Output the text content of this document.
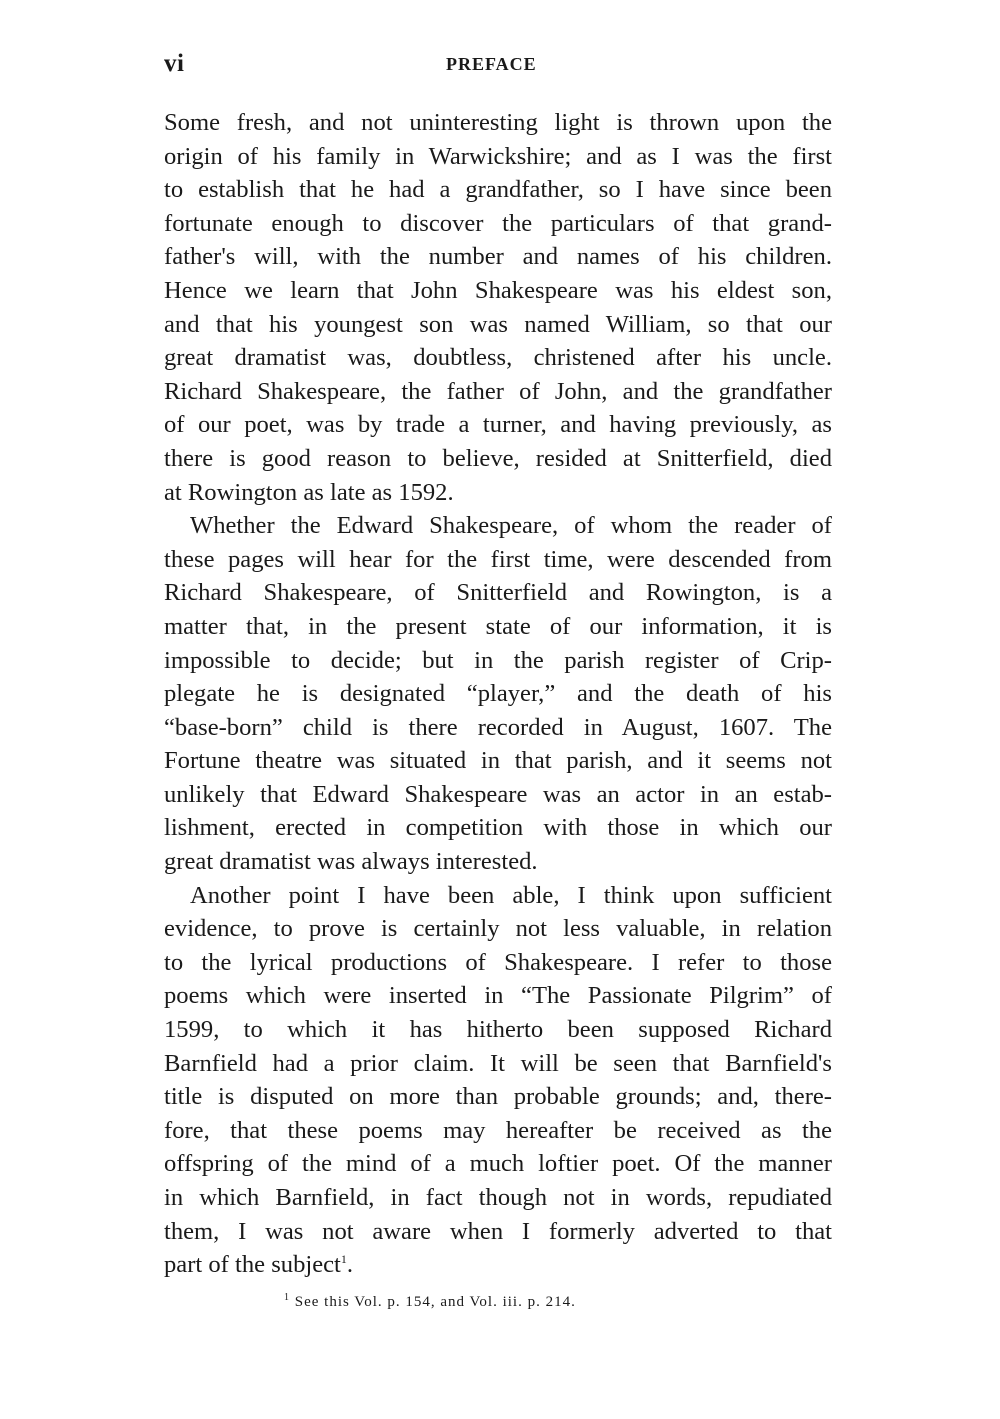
vi	PREFACE
Some fresh, and not uninteresting light is thrown upon the
origin of his family in Warwickshire; and as I was the first
to establish that he had a grandfather, so I have since been
fortunate enough to discover the particulars of that grand-
father's will, with the number and names of his children.
Hence we learn that John Shakespeare was his eldest son,
and that his youngest son was named William, so that our
great dramatist was, doubtless, christened after his uncle.
Richard Shakespeare, the father of John, and the grandfather
of our poet, was by trade a turner, and having previously, as
there is good reason to believe, resided at Snitterfield, died
at Rowington as late as 1592.
Whether the Edward Shakespeare, of whom the reader of
these pages will hear for the first time, were descended from
Richard Shakespeare, of Snitterfield and Rowington, is a
matter that, in the present state of our information, it is
impossible to decide; but in the parish register of Crip-
plegate he is designated “player,” and the death of his
“base-born” child is there recorded in August, 1607. The
Fortune theatre was situated in that parish, and it seems not
unlikely that Edward Shakespeare was an actor in an estab-
lishment, erected in competition with those in which our
great dramatist was always interested.
Another point I have been able, I think upon sufficient
evidence, to prove is certainly not less valuable, in relation
to the lyrical productions of Shakespeare. I refer to those
poems which were inserted in “The Passionate Pilgrim” of
1599, to which it has hitherto been supposed Richard
Barnfield had a prior claim. It will be seen that Barnfield's
title is disputed on more than probable grounds; and, there-
fore, that these poems may hereafter be received as the
offspring of the mind of a much loftier poet. Of the manner
in which Barnfield, in fact though not in words, repudiated
them, I was not aware when I formerly adverted to that
part of the subject$^1$.
$^1$ See this Vol. p. 154, and Vol. iii. p. 214.
